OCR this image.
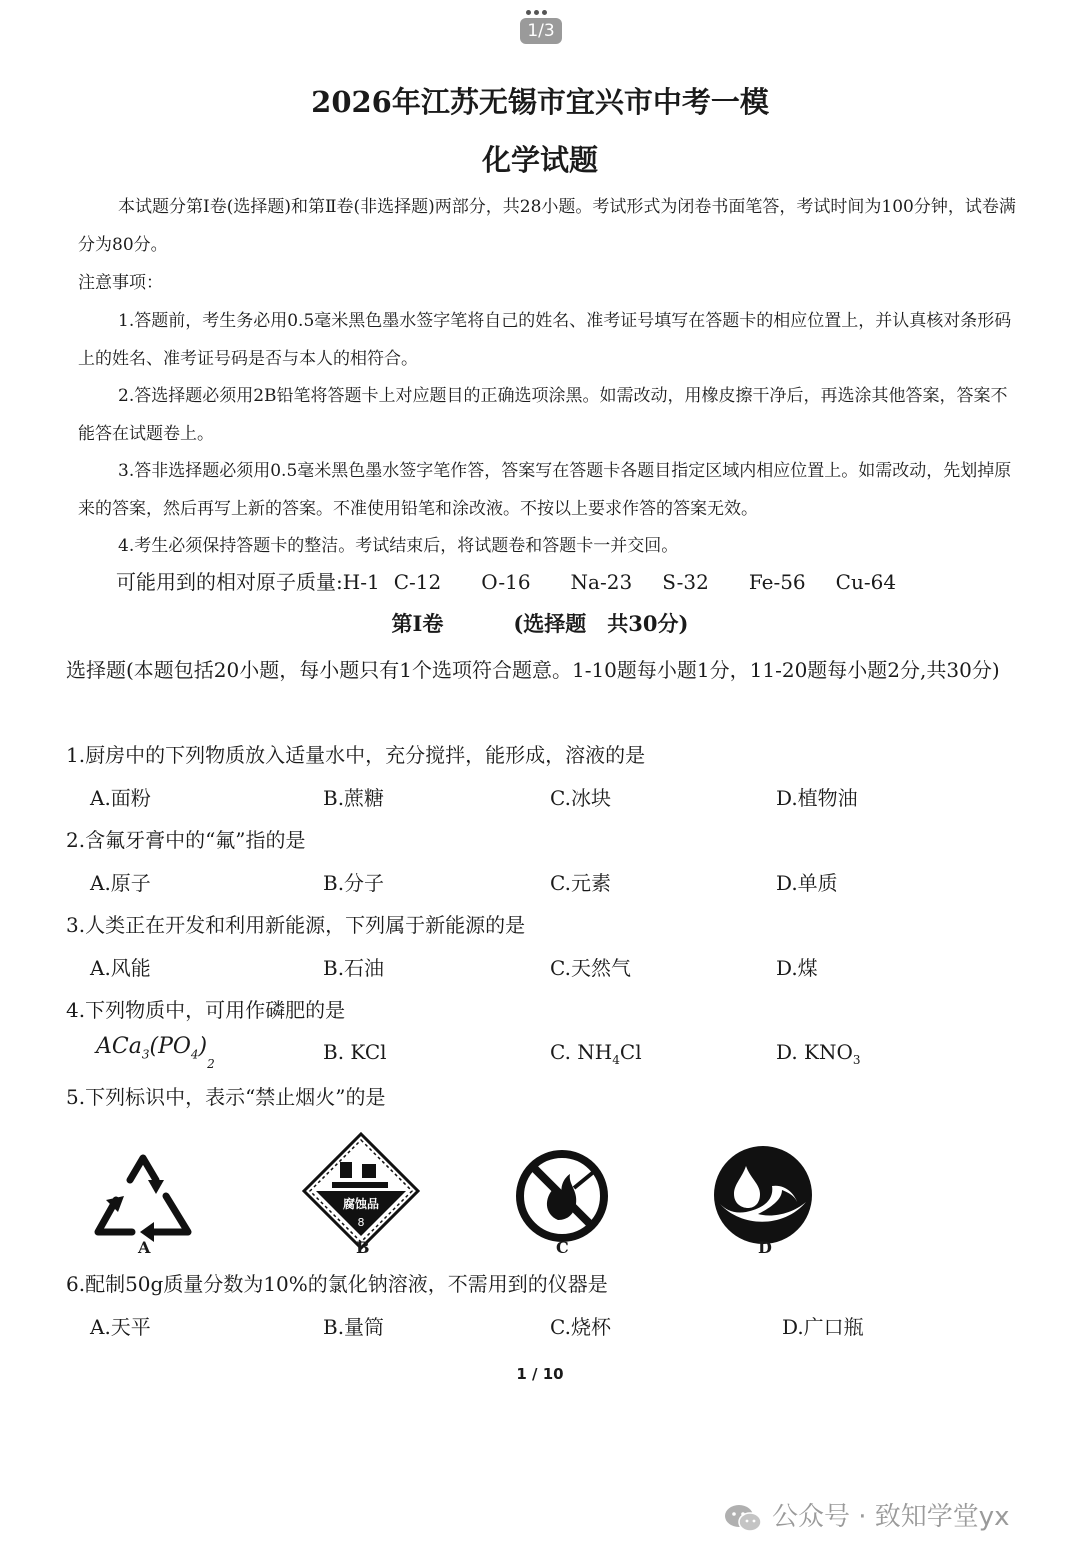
1/3
2026年江苏无锡市宜兴市中考一模
化学试题
本试题分第Ⅰ卷(选择题)和第Ⅱ卷(非选择题)两部分，共28小题。考试形式为闭卷书面笔答，考试时间为100分钟，试卷满分为80分。
注意事项：
1.答题前，考生务必用0.5毫米黑色墨水签字笔将自己的姓名、准考证号填写在答题卡的相应位置上，并认真核对条形码上的姓名、准考证号码是否与本人的相符合。
2.答选择题必须用2B铅笔将答题卡上对应题目的正确选项涂黑。如需改动，用橡皮擦干净后，再选涂其他答案，答案不能答在试题卷上。
3.答非选择题必须用0.5毫米黑色墨水签字笔作答，答案写在答题卡各题目指定区域内相应位置上。如需改动，先划掉原来的答案，然后再写上新的答案。不准使用铅笔和涂改液。不按以上要求作答的答案无效。
4.考生必须保持答题卡的整洁。考试结束后，将试题卷和答题卡一并交回。
可能用到的相对原子质量:H-1 C-12 O-16 Na-23 S-32 Fe-56 Cu-64
第Ⅰ卷	(选择题　共30分)
选择题(本题包括20小题，每小题只有1个选项符合题意。1-10题每小题1分，11-20题每小题2分,共30分)
1.厨房中的下列物质放入适量水中，充分搅拌，能形成，溶液的是
A.面粉	B.蔗糖	C.冰块	D.植物油
2.含氟牙膏中的“氟”指的是
A.原子	B.分子	C.元素	D.单质
3.人类正在开发和利用新能源，下列属于新能源的是
A.风能	B.石油	C.天然气	D.煤
4.下列物质中，可用作磷肥的是
$ACa_3(PO_4)_2$
B. KCl	C. $NH_4Cl$	D. $KNO_3$
5.下列标识中，表示“禁止烟火”的是
A
腐蚀品
8
B	C	D
6.配制50g质量分数为10%的氯化钠溶液，不需用到的仪器是
A.天平	B.量筒	C.烧杯	D.广口瓶
1 / 10
公众号 · 致知学堂yx
